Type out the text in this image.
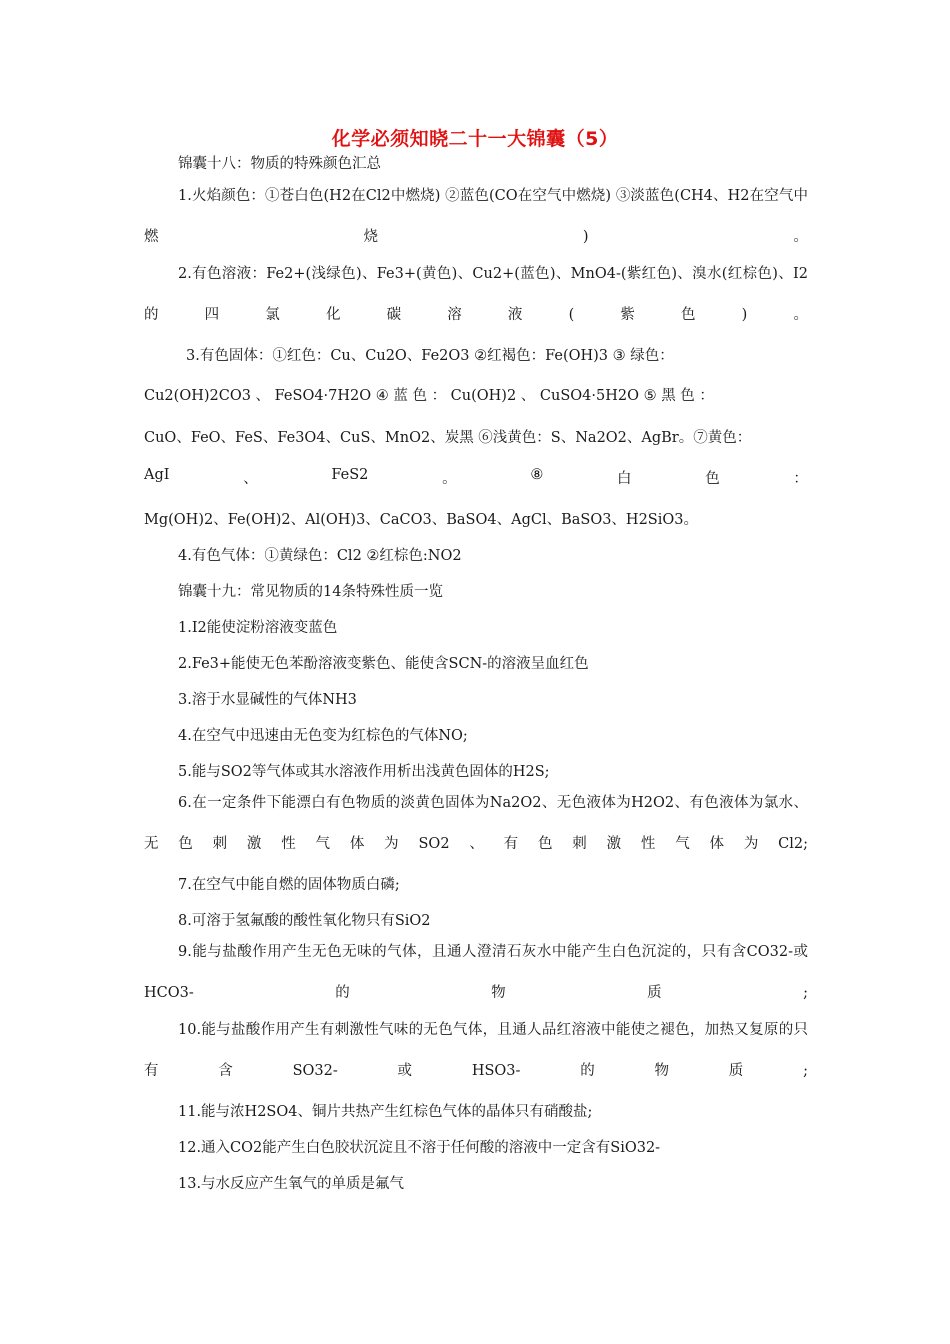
化学必须知晓二十一大锦囊（5）

锦囊十八：物质的特殊颜色汇总

1.火焰颜色：①苍白色(H2在Cl2中燃烧) ②蓝色(CO在空气中燃烧) ③淡蓝色(CH4、H2在空气中燃烧)。

2.有色溶液：Fe2+(浅绿色)、Fe3+(黄色)、Cu2+(蓝色)、MnO4-(紫红色)、溴水(红棕色)、I2的四氯化碳溶液(紫色)。

3.有色固体：①红色：Cu、Cu2O、Fe2O3 ②红褐色：Fe(OH)3 ③ 绿色：

Cu2(OH)2CO3 、 FeSO4·7H2O ④ 蓝 色 ： Cu(OH)2 、 CuSO4·5H2O ⑤ 黑 色 ：

CuO、FeO、FeS、Fe3O4、CuS、MnO2、炭黑 ⑥浅黄色：S、Na2O2、AgBr。⑦黄色：

AgI	、	FeS2	。	⑧	白	色	：

Mg(OH)2、Fe(OH)2、Al(OH)3、CaCO3、BaSO4、AgCl、BaSO3、H2SiO3。

4.有色气体：①黄绿色：Cl2 ②红棕色:NO2

锦囊十九：常见物质的14条特殊性质一览

1.I2能使淀粉溶液变蓝色

2.Fe3+能使无色苯酚溶液变紫色、能使含SCN-的溶液呈血红色

3.溶于水显碱性的气体NH3

4.在空气中迅速由无色变为红棕色的气体NO;

5.能与SO2等气体或其水溶液作用析出浅黄色固体的H2S;

6.在一定条件下能漂白有色物质的淡黄色固体为Na2O2、无色液体为H2O2、有色液体为氯水、无色刺激性气体为SO2、有色刺激性气体为Cl2;

7.在空气中能自燃的固体物质白磷;

8.可溶于氢氟酸的酸性氧化物只有SiO2

9.能与盐酸作用产生无色无味的气体，且通人澄清石灰水中能产生白色沉淀的，只有含CO32-或HCO3-的物质;

10.能与盐酸作用产生有刺激性气味的无色气体，且通人品红溶液中能使之褪色，加热又复原的只有含SO32-或HSO3-的物质;

11.能与浓H2SO4、铜片共热产生红棕色气体的晶体只有硝酸盐;

12.通入CO2能产生白色胶状沉淀且不溶于任何酸的溶液中一定含有SiO32-

13.与水反应产生氧气的单质是氟气
